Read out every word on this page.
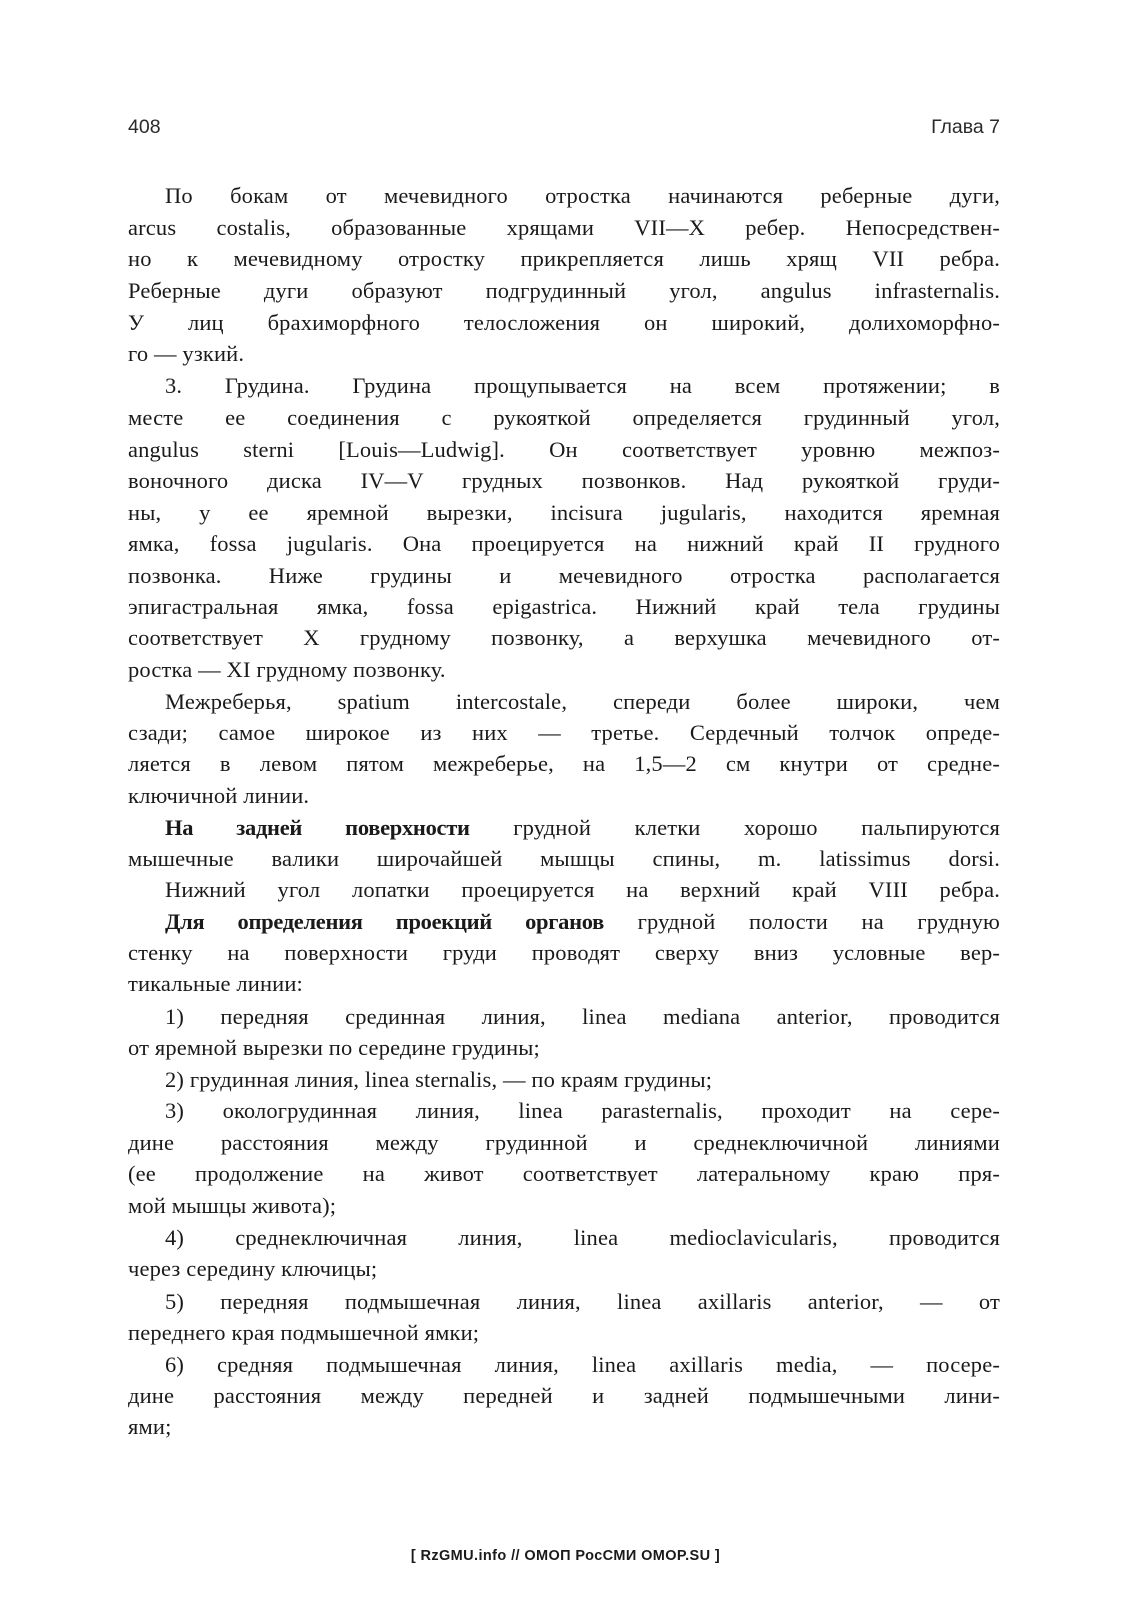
408	Глава 7
По бокам от мечевидного отростка начинаются реберные дуги,
arcus costalis, образованные хрящами VII—X ребер. Непосредствен-
но к мечевидному отростку прикрепляется лишь хрящ VII ребра.
Реберные дуги образуют подгрудинный угол, angulus infrasternalis.
У лиц брахиморфного телосложения он широкий, долихоморфно-
го — узкий.
3. Грудина. Грудина прощупывается на всем протяжении; в
месте ее соединения с рукояткой определяется грудинный угол,
angulus sterni [Louis—Ludwig]. Он соответствует уровню межпоз-
воночного диска IV—V грудных позвонков. Над рукояткой груди-
ны, у ее яремной вырезки, incisura jugularis, находится яремная
ямка, fossa jugularis. Она проецируется на нижний край II грудного
позвонка. Ниже грудины и мечевидного отростка располагается
эпигастральная ямка, fossa epigastrica. Нижний край тела грудины
соответствует X грудному позвонку, а верхушка мечевидного от-
ростка — XI грудному позвонку.
Межреберья, spatium intercostale, спереди более широки, чем
сзади; самое широкое из них — третье. Сердечный толчок опреде-
ляется в левом пятом межреберье, на 1,5—2 см кнутри от средне-
ключичной линии.
На задней поверхности грудной клетки хорошо пальпируются
мышечные валики широчайшей мышцы спины, m. latissimus dorsi.
Нижний угол лопатки проецируется на верхний край VIII ребра.
Для определения проекций органов грудной полости на грудную
стенку на поверхности груди проводят сверху вниз условные вер-
тикальные линии:
1) передняя срединная линия, linea mediana anterior, проводится
от яремной вырезки по середине грудины;
2) грудинная линия, linea sternalis, — по краям грудины;
3) окологрудинная линия, linea parasternalis, проходит на сере-
дине расстояния между грудинной и среднеключичной линиями
(ее продолжение на живот соответствует латеральному краю пря-
мой мышцы живота);
4) среднеключичная линия, linea medioclavicularis, проводится
через середину ключицы;
5) передняя подмышечная линия, linea axillaris anterior, — от
переднего края подмышечной ямки;
6) средняя подмышечная линия, linea axillaris media, — посере-
дине расстояния между передней и задней подмышечными лини-
ями;
[ RzGMU.info // ОМОП РосСМИ OMOP.SU ]
